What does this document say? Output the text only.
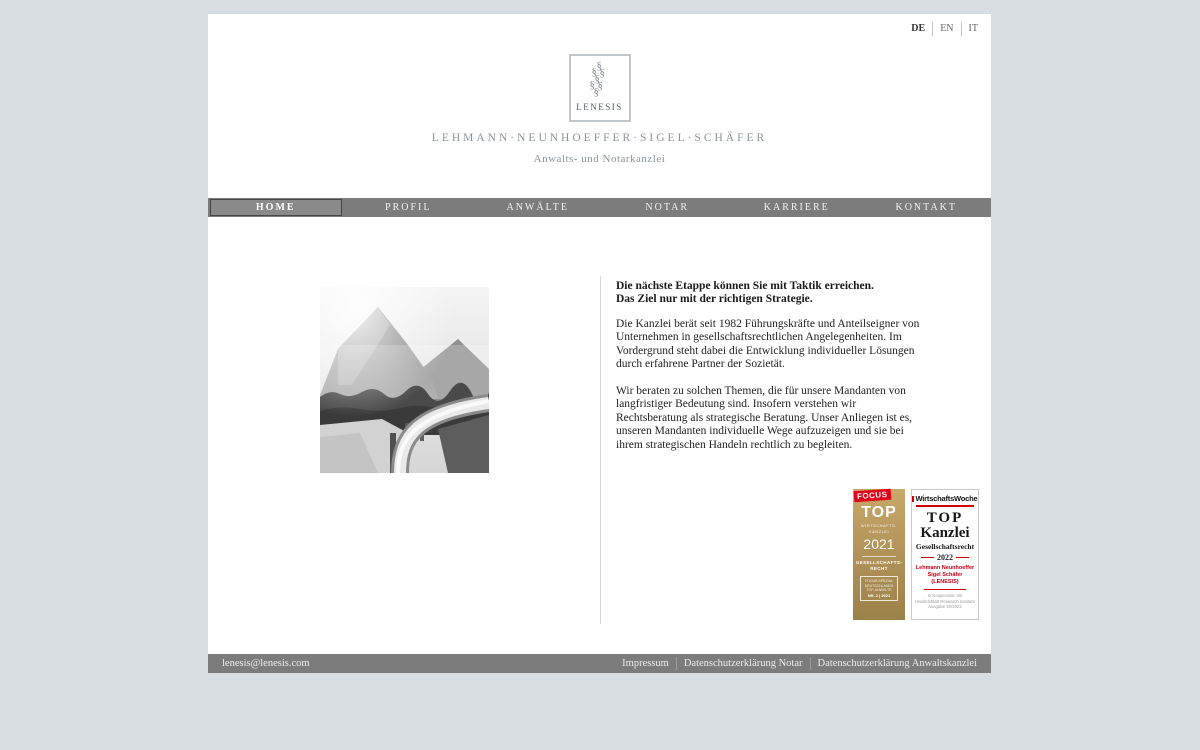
DE	EN	IT
§
§ §
§
§ §
§
LENESIS
LEHMANN·NEUNHOEFFER·SIGEL·SCHÄFER
Anwalts- und Notarkanzlei
HOME	PROFIL	ANWÄLTE	NOTAR	KARRIERE	KONTAKT
Die nächste Etappe können Sie mit Taktik erreichen.
Das Ziel nur mit der richtigen Strategie.

Die Kanzlei berät seit 1982 Führungskräfte und Anteilseigner von Unternehmen in gesellschaftsrechtlichen Angelegenheiten. Im Vordergrund steht dabei die Entwicklung individueller Lösungen durch erfahrene Partner der Sozietät.

Wir beraten zu solchen Themen, die für unsere Mandanten von langfristiger Bedeutung sind. Insofern verstehen wir Rechtsberatung als strategische Beratung. Unser Anliegen ist es, unseren Mandanten individuelle Wege aufzuzeigen und sie bei ihrem strategischen Handeln rechtlich zu begleiten.

FOCUS
TOP
WIRTSCHAFTS-
KANZLEI
2021
GESELLSCHAFTS-
RECHT
FOCUS-SPEZIAL
DEUTSCHLANDS TOP-ANWÄLTE
NR. 2 | 2021
WirtschaftsWoche
TOP
Kanzlei
Gesellschaftsrecht
2022
Lehmann Neunhoeffer
Sigel Schäfer
(LENESIS)
In Kooperation mit
Handelsblatt Research Institute
Ausgabe 20/2022
lenesis@lenesis.com	Impressum	Datenschutzerklärung Notar	Datenschutzerklärung Anwaltskanzlei
